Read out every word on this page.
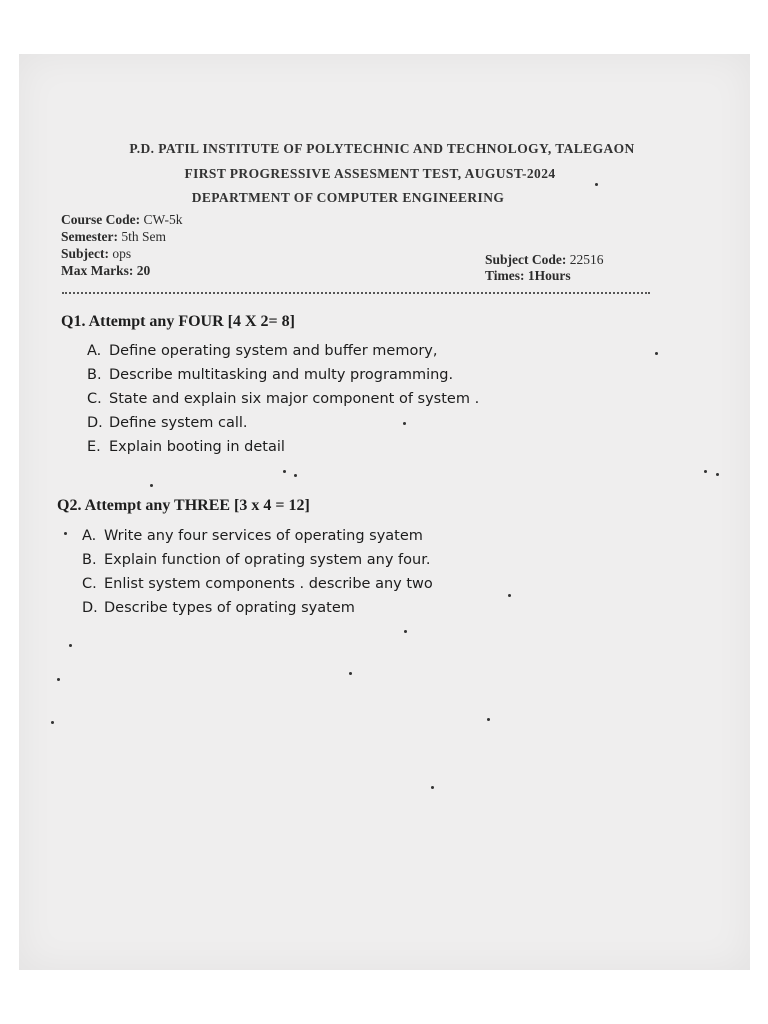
P.D. PATIL INSTITUTE OF POLYTECHNIC AND TECHNOLOGY, TALEGAON
FIRST PROGRESSIVE ASSESMENT TEST, AUGUST-2024
DEPARTMENT OF COMPUTER ENGINEERING
Course Code: CW-5k
Semester: 5th Sem
Subject: ops
Max Marks: 20
Subject Code: 22516
Times: 1Hours
Q1. Attempt any FOUR [4 X 2= 8]
A. Define operating system and buffer memory,
B. Describe multitasking and multy programming.
C. State and explain six major component of system .
D. Define system call.
E. Explain booting in detail
Q2. Attempt any THREE [3 x 4 = 12]
A. Write any four services of operating syatem
B. Explain function of oprating system any four.
C. Enlist system components . describe any two
D. Describe types of oprating syatem
